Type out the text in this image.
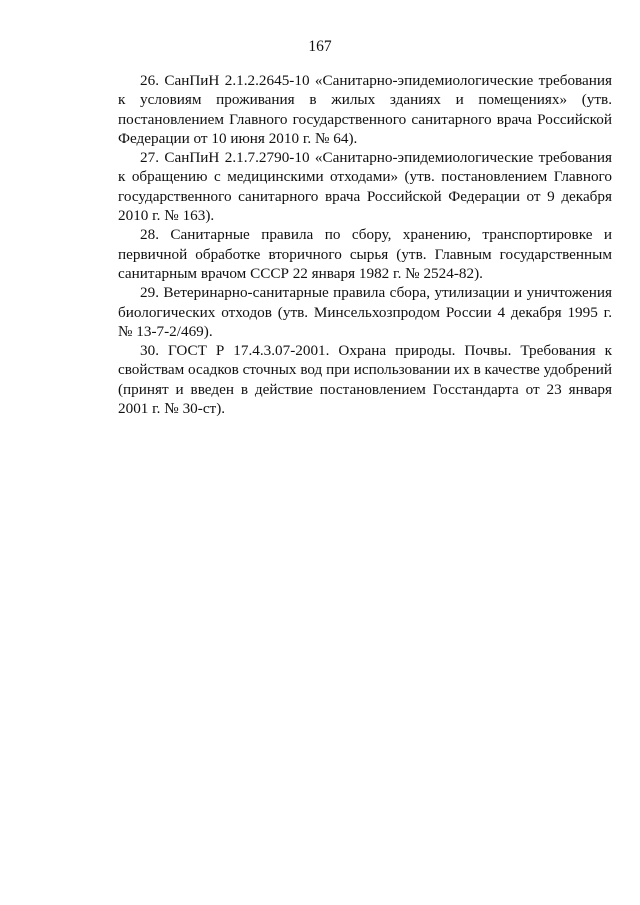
167

26. СанПиН 2.1.2.2645-10 «Санитарно-эпидемиологические требования к условиям проживания в жилых зданиях и помещениях» (утв. постановлением Главного государственного санитарного врача Российской Федерации от 10 июня 2010 г. № 64).

27. СанПиН 2.1.7.2790-10 «Санитарно-эпидемиологические требования к обращению с медицинскими отходами» (утв. постановлением Главного государственного санитарного врача Российской Федерации от 9 декабря 2010 г. № 163).

28. Санитарные правила по сбору, хранению, транспортировке и первичной обработке вторичного сырья (утв. Главным государственным санитарным врачом СССР 22 января 1982 г. № 2524-82).

29. Ветеринарно-санитарные правила сбора, утилизации и уничтожения биологических отходов (утв. Минсельхозпродом России 4 декабря 1995 г. № 13-7-2/469).

30. ГОСТ Р 17.4.3.07-2001. Охрана природы. Почвы. Требования к свойствам осадков сточных вод при использовании их в качестве удобрений (принят и введен в действие постановлением Госстандарта от 23 января 2001 г. № 30-ст).
